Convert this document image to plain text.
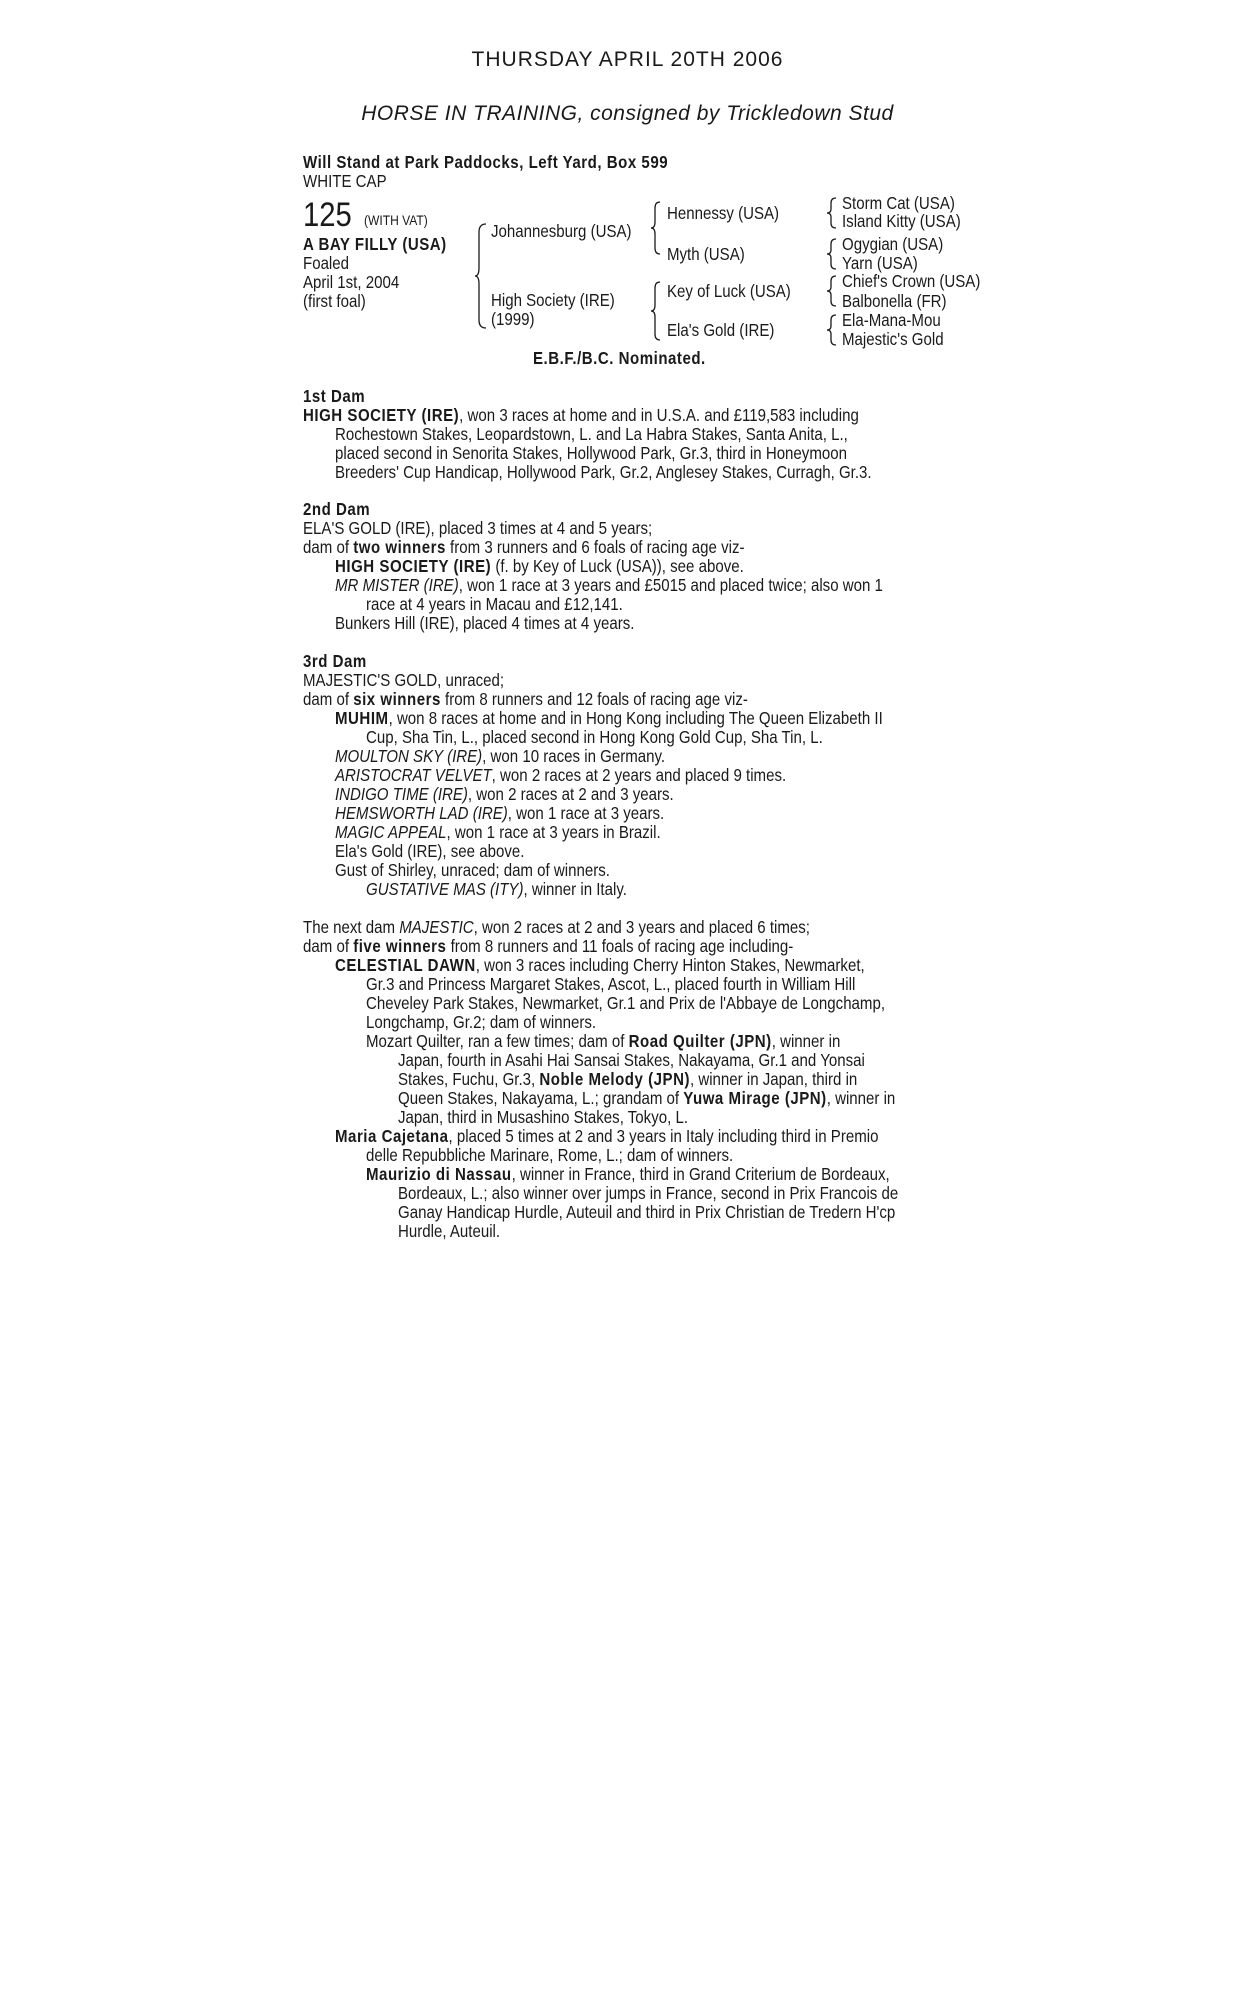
THURSDAY APRIL 20TH 2006
HORSE IN TRAINING, consigned by Trickledown Stud
Will Stand at Park Paddocks, Left Yard, Box 599
WHITE CAP
125 (WITH VAT)
A BAY FILLY (USA)
Foaled
April 1st, 2004
(first foal)
Johannesburg (USA)
High Society (IRE)
(1999)
Hennessy (USA)
Myth (USA)
Key of Luck (USA)
Ela's Gold (IRE)
Storm Cat (USA)
Island Kitty (USA)
Ogygian (USA)
Yarn (USA)
Chief's Crown (USA)
Balbonella (FR)
Ela-Mana-Mou
Majestic's Gold
E.B.F./B.C. Nominated.
1st Dam
HIGH SOCIETY (IRE), won 3 races at home and in U.S.A. and £119,583 including
Rochestown Stakes, Leopardstown, L. and La Habra Stakes, Santa Anita, L.,
placed second in Senorita Stakes, Hollywood Park, Gr.3, third in Honeymoon
Breeders' Cup Handicap, Hollywood Park, Gr.2, Anglesey Stakes, Curragh, Gr.3.
2nd Dam
ELA'S GOLD (IRE), placed 3 times at 4 and 5 years;
dam of two winners from 3 runners and 6 foals of racing age viz-
HIGH SOCIETY (IRE) (f. by Key of Luck (USA)), see above.
MR MISTER (IRE), won 1 race at 3 years and £5015 and placed twice; also won 1
race at 4 years in Macau and £12,141.
Bunkers Hill (IRE), placed 4 times at 4 years.
3rd Dam
MAJESTIC'S GOLD, unraced;
dam of six winners from 8 runners and 12 foals of racing age viz-
MUHIM, won 8 races at home and in Hong Kong including The Queen Elizabeth II
Cup, Sha Tin, L., placed second in Hong Kong Gold Cup, Sha Tin, L.
MOULTON SKY (IRE), won 10 races in Germany.
ARISTOCRAT VELVET, won 2 races at 2 years and placed 9 times.
INDIGO TIME (IRE), won 2 races at 2 and 3 years.
HEMSWORTH LAD (IRE), won 1 race at 3 years.
MAGIC APPEAL, won 1 race at 3 years in Brazil.
Ela's Gold (IRE), see above.
Gust of Shirley, unraced; dam of winners.
GUSTATIVE MAS (ITY), winner in Italy.
The next dam MAJESTIC, won 2 races at 2 and 3 years and placed 6 times;
dam of five winners from 8 runners and 11 foals of racing age including-
CELESTIAL DAWN, won 3 races including Cherry Hinton Stakes, Newmarket,
Gr.3 and Princess Margaret Stakes, Ascot, L., placed fourth in William Hill
Cheveley Park Stakes, Newmarket, Gr.1 and Prix de l'Abbaye de Longchamp,
Longchamp, Gr.2; dam of winners.
Mozart Quilter, ran a few times; dam of Road Quilter (JPN), winner in
Japan, fourth in Asahi Hai Sansai Stakes, Nakayama, Gr.1 and Yonsai
Stakes, Fuchu, Gr.3, Noble Melody (JPN), winner in Japan, third in
Queen Stakes, Nakayama, L.; grandam of Yuwa Mirage (JPN), winner in
Japan, third in Musashino Stakes, Tokyo, L.
Maria Cajetana, placed 5 times at 2 and 3 years in Italy including third in Premio
delle Repubbliche Marinare, Rome, L.; dam of winners.
Maurizio di Nassau, winner in France, third in Grand Criterium de Bordeaux,
Bordeaux, L.; also winner over jumps in France, second in Prix Francois de
Ganay Handicap Hurdle, Auteuil and third in Prix Christian de Tredern H'cp
Hurdle, Auteuil.
